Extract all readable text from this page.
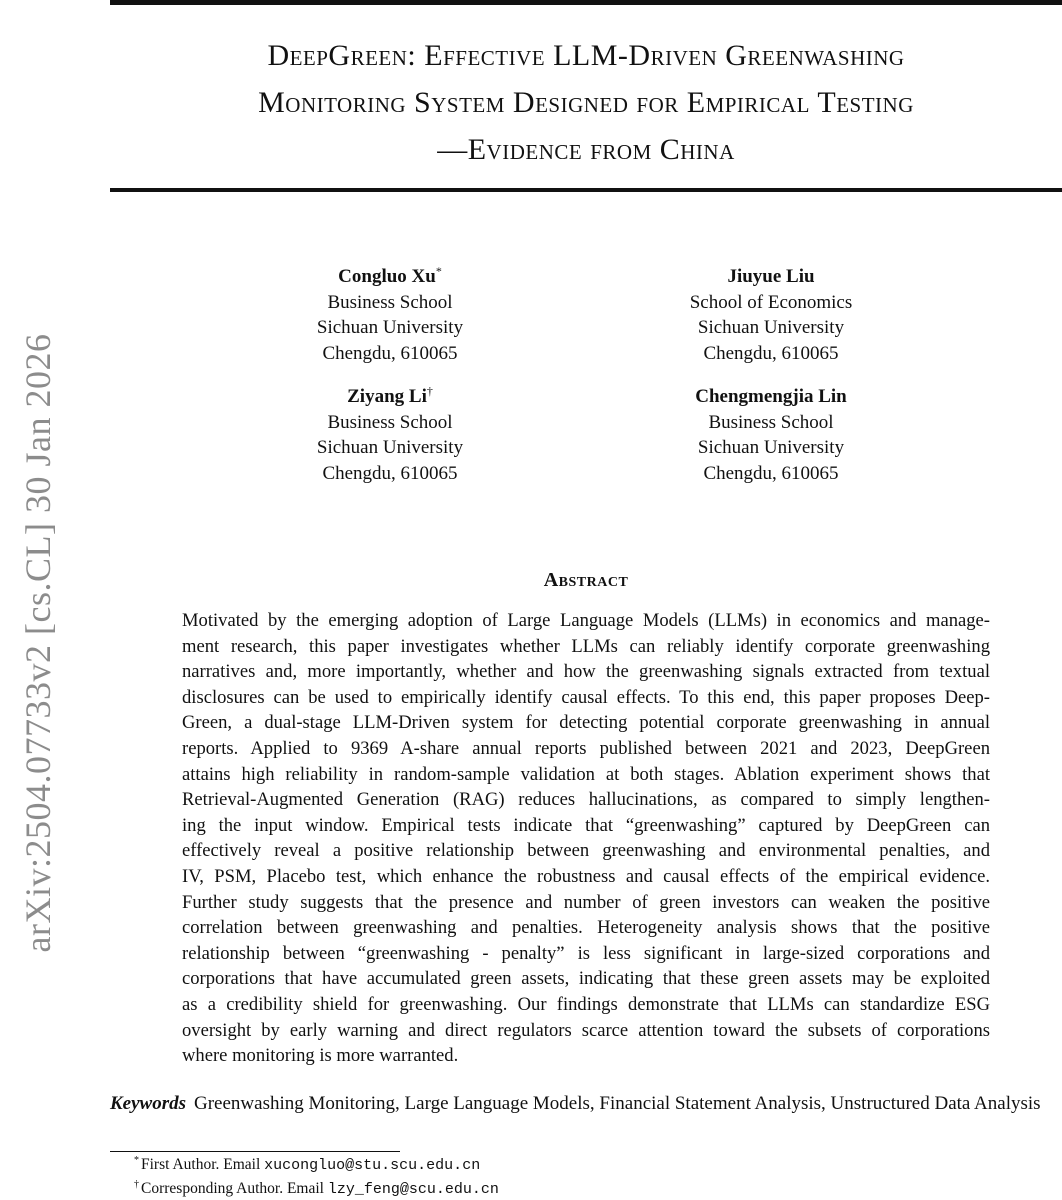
DeepGreen: Effective LLM-Driven Greenwashing
Monitoring System Designed for Empirical Testing
—Evidence from China
arXiv:2504.07733v2 [cs.CL] 30 Jan 2026
Congluo Xu*
Business School
Sichuan University
Chengdu, 610065
Jiuyue Liu
School of Economics
Sichuan University
Chengdu, 610065
Ziyang Li†
Business School
Sichuan University
Chengdu, 610065
Chengmengjia Lin
Business School
Sichuan University
Chengdu, 610065
Abstract
Motivated by the emerging adoption of Large Language Models (LLMs) in economics and manage-
ment research, this paper investigates whether LLMs can reliably identify corporate greenwashing
narratives and, more importantly, whether and how the greenwashing signals extracted from textual
disclosures can be used to empirically identify causal effects. To this end, this paper proposes Deep-
Green, a dual-stage LLM-Driven system for detecting potential corporate greenwashing in annual
reports. Applied to 9369 A-share annual reports published between 2021 and 2023, DeepGreen
attains high reliability in random-sample validation at both stages. Ablation experiment shows that
Retrieval-Augmented Generation (RAG) reduces hallucinations, as compared to simply lengthen-
ing the input window. Empirical tests indicate that “greenwashing” captured by DeepGreen can
effectively reveal a positive relationship between greenwashing and environmental penalties, and
IV, PSM, Placebo test, which enhance the robustness and causal effects of the empirical evidence.
Further study suggests that the presence and number of green investors can weaken the positive
correlation between greenwashing and penalties. Heterogeneity analysis shows that the positive
relationship between “greenwashing - penalty” is less significant in large-sized corporations and
corporations that have accumulated green assets, indicating that these green assets may be exploited
as a credibility shield for greenwashing. Our findings demonstrate that LLMs can standardize ESG
oversight by early warning and direct regulators scarce attention toward the subsets of corporations
where monitoring is more warranted.
Keywords Greenwashing Monitoring, Large Language Models, Financial Statement Analysis, Unstructured Data Analysis
* First Author. Email xucongluo@stu.scu.edu.cn
† Corresponding Author. Email lzy_feng@scu.edu.cn
